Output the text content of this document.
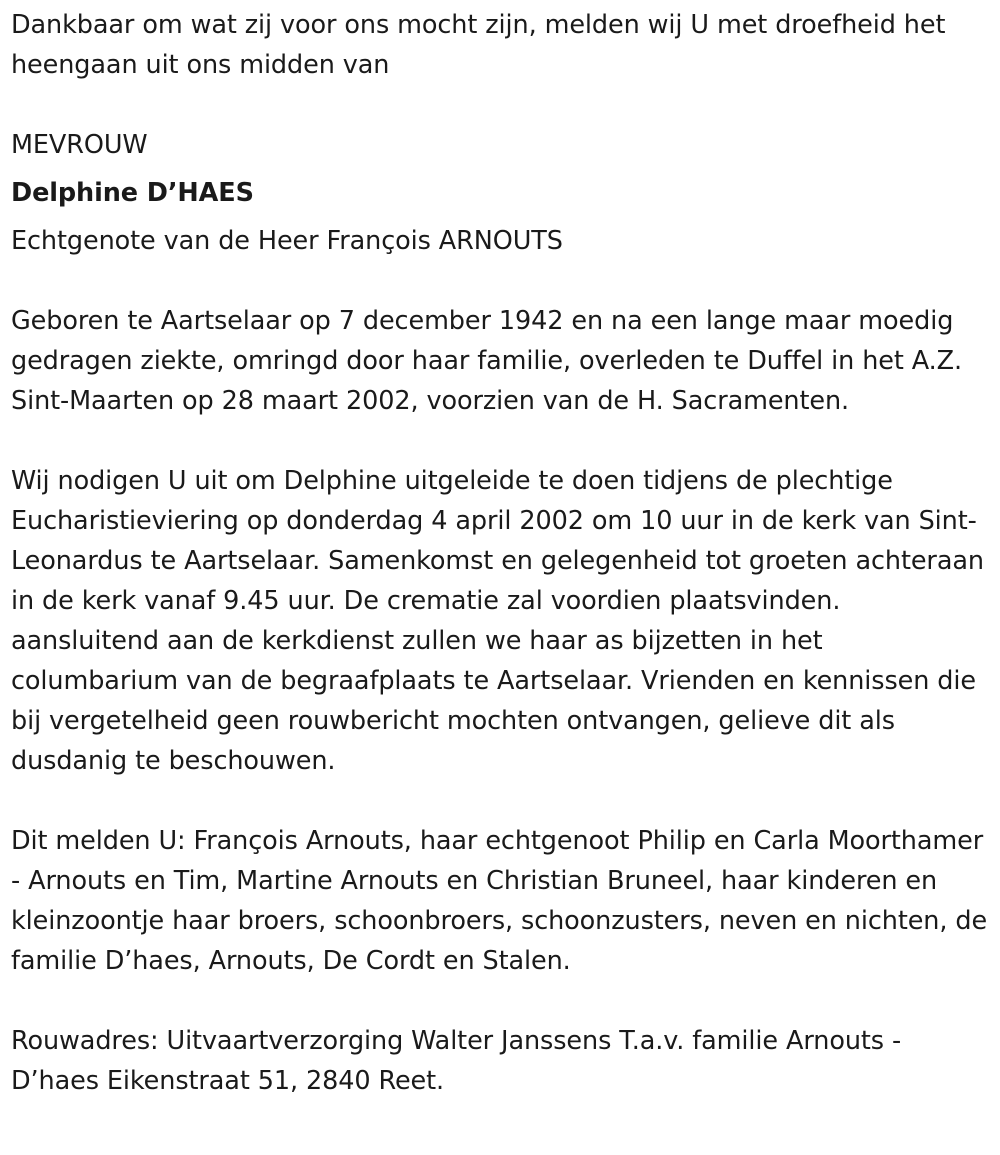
Dankbaar om wat zij voor ons mocht zijn, melden wij U met droefheid het heengaan uit ons midden van

MEVROUW

Delphine D’HAES

Echtgenote van de Heer François ARNOUTS

Geboren te Aartselaar op 7 december 1942 en na een lange maar moedig gedragen ziekte, omringd door haar familie, overleden te Duffel in het A.Z. Sint-Maarten op 28 maart 2002, voorzien van de H. Sacramenten.

Wij nodigen U uit om Delphine uitgeleide te doen tidjens de plechtige Eucharistieviering op donderdag 4 april 2002 om 10 uur in de kerk van Sint-Leonardus te Aartselaar. Samenkomst en gelegenheid tot groeten achteraan in de kerk vanaf 9.45 uur. De crematie zal voordien plaatsvinden. aansluitend aan de kerkdienst zullen we haar as bijzetten in het columbarium van de begraafplaats te Aartselaar. Vrienden en kennissen die bij vergetelheid geen rouwbericht mochten ontvangen, gelieve dit als dusdanig te beschouwen.

Dit melden U: François Arnouts, haar echtgenoot Philip en Carla Moorthamer - Arnouts en Tim, Martine Arnouts en Christian Bruneel, haar kinderen en kleinzoontje haar broers, schoonbroers, schoonzusters, neven en nichten, de familie D’haes, Arnouts, De Cordt en Stalen.

Rouwadres: Uitvaartverzorging Walter Janssens T.a.v. familie Arnouts - D’haes Eikenstraat 51, 2840 Reet.
